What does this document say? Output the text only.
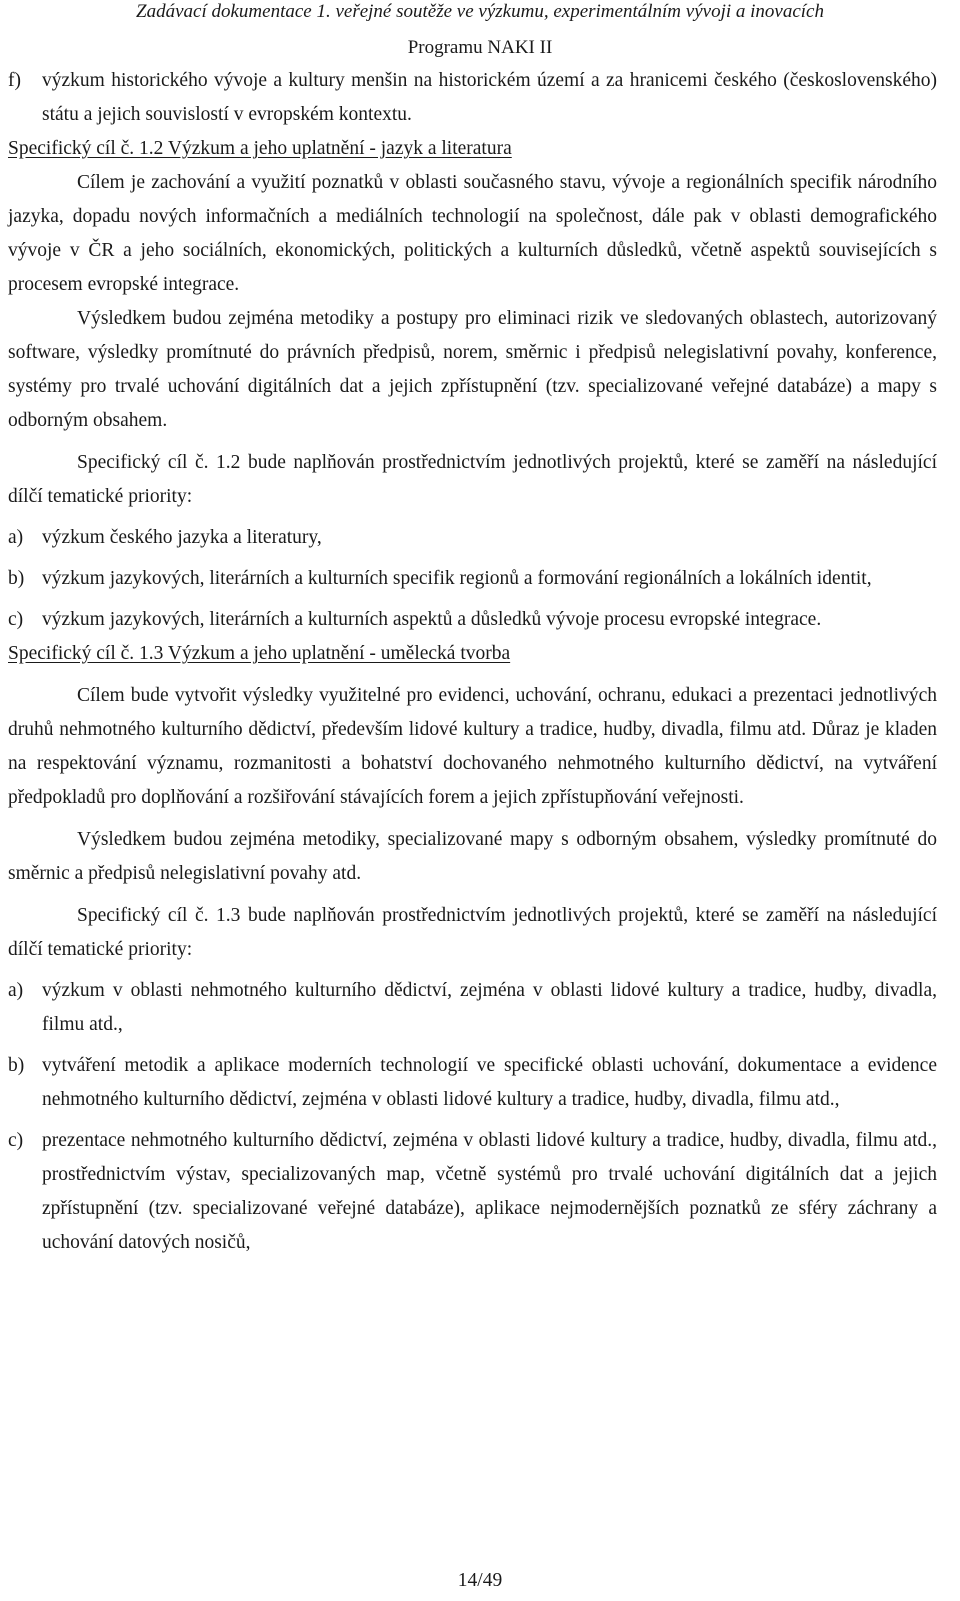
Zadávací dokumentace 1. veřejné soutěže ve výzkumu, experimentálním vývoji a inovacích
Programu NAKI II
f) výzkum historického vývoje a kultury menšin na historickém území a za hranicemi českého (československého) státu a jejich souvislostí v evropském kontextu.

Specifický cíl č. 1.2 Výzkum a jeho uplatnění - jazyk a literatura

Cílem je zachování a využití poznatků v oblasti současného stavu, vývoje a regionálních specifik národního jazyka, dopadu nových informačních a mediálních technologií na společnost, dále pak v oblasti demografického vývoje v ČR a jeho sociálních, ekonomických, politických a kulturních důsledků, včetně aspektů souvisejících s procesem evropské integrace.

Výsledkem budou zejména metodiky a postupy pro eliminaci rizik ve sledovaných oblastech, autorizovaný software, výsledky promítnuté do právních předpisů, norem, směrnic i předpisů nelegislativní povahy, konference, systémy pro trvalé uchování digitálních dat a jejich zpřístupnění (tzv. specializované veřejné databáze) a mapy s odborným obsahem.

Specifický cíl č. 1.2 bude naplňován prostřednictvím jednotlivých projektů, které se zaměří na následující dílčí tematické priority:

a) výzkum českého jazyka a literatury,
b) výzkum jazykových, literárních a kulturních specifik regionů a formování regionálních a lokálních identit,
c) výzkum jazykových, literárních a kulturních aspektů a důsledků vývoje procesu evropské integrace.

Specifický cíl č. 1.3 Výzkum a jeho uplatnění - umělecká tvorba

Cílem bude vytvořit výsledky využitelné pro evidenci, uchování, ochranu, edukaci a prezentaci jednotlivých druhů nehmotného kulturního dědictví, především lidové kultury a tradice, hudby, divadla, filmu atd. Důraz je kladen na respektování významu, rozmanitosti a bohatství dochovaného nehmotného kulturního dědictví, na vytváření předpokladů pro doplňování a rozšiřování stávajících forem a jejich zpřístupňování veřejnosti.

Výsledkem budou zejména metodiky, specializované mapy s odborným obsahem, výsledky promítnuté do směrnic a předpisů nelegislativní povahy atd.

Specifický cíl č. 1.3 bude naplňován prostřednictvím jednotlivých projektů, které se zaměří na následující dílčí tematické priority:

a) výzkum v oblasti nehmotného kulturního dědictví, zejména v oblasti lidové kultury a tradice, hudby, divadla, filmu atd.,
b) vytváření metodik a aplikace moderních technologií ve specifické oblasti uchování, dokumentace a evidence nehmotného kulturního dědictví, zejména v oblasti lidové kultury a tradice, hudby, divadla, filmu atd.,
c) prezentace nehmotného kulturního dědictví, zejména v oblasti lidové kultury a tradice, hudby, divadla, filmu atd., prostřednictvím výstav, specializovaných map, včetně systémů pro trvalé uchování digitálních dat a jejich zpřístupnění (tzv. specializované veřejné databáze), aplikace nejmodernějších poznatků ze sféry záchrany a uchování datových nosičů,
14/49
